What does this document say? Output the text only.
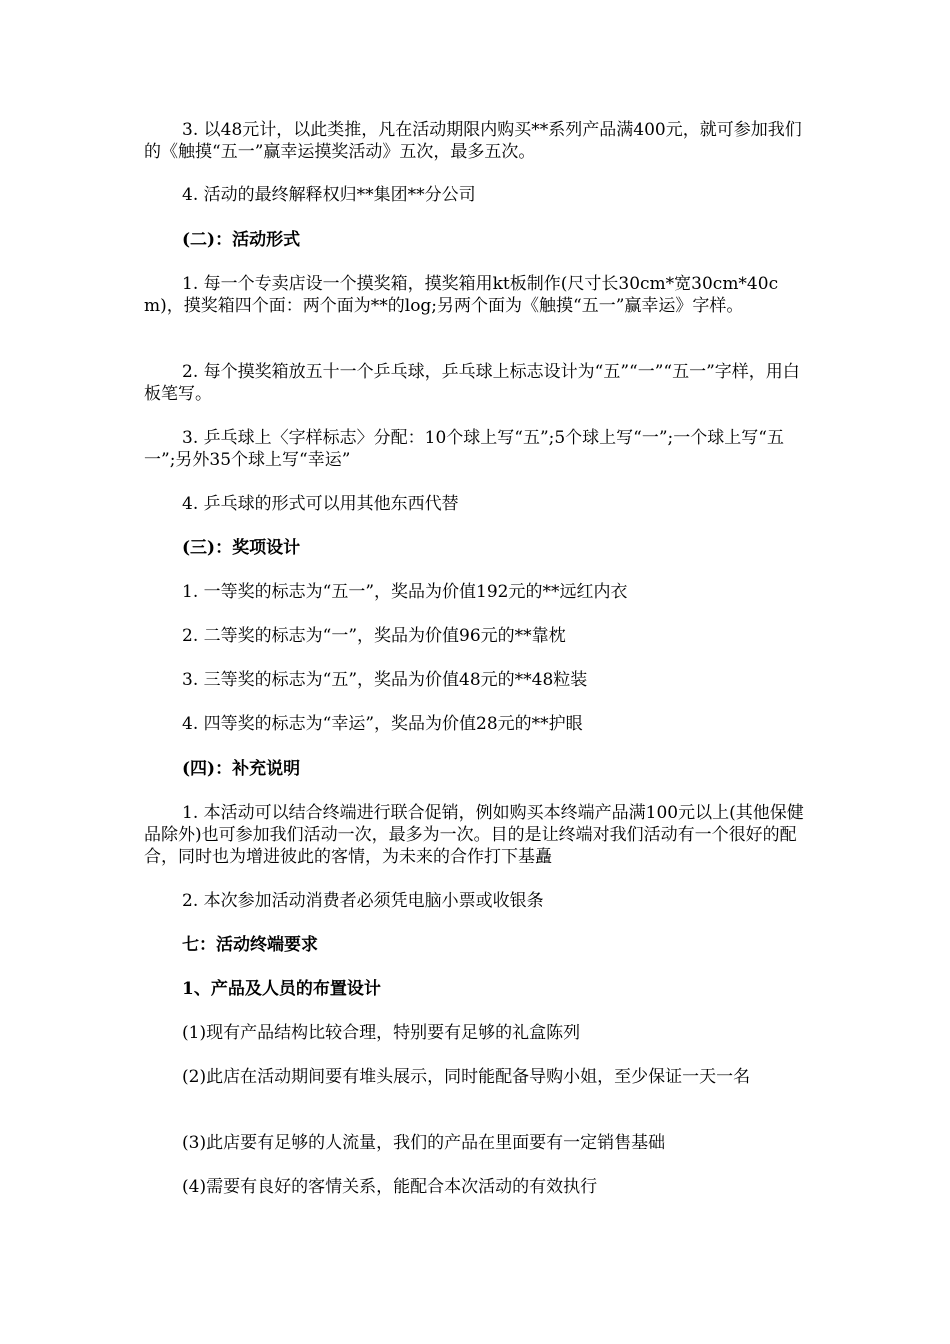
3. 以48元计，以此类推，凡在活动期限内购买**系列产品满400元，就可参加我们的《触摸“五一”赢幸运摸奖活动》五次，最多五次。

4. 活动的最终解释权归**集团**分公司

(二)：活动形式

1. 每一个专卖店设一个摸奖箱，摸奖箱用kt板制作(尺寸长30cm*宽30cm*40cm)，摸奖箱四个面：两个面为**的log;另两个面为《触摸“五一”赢幸运》字样。

2. 每个摸奖箱放五十一个乒乓球，乒乓球上标志设计为“五”“一”“五一”字样，用白板笔写。

3. 乒乓球上〈字样标志〉分配：10个球上写“五”;5个球上写“一”;一个球上写“五一”;另外35个球上写“幸运”

4. 乒乓球的形式可以用其他东西代替

(三)：奖项设计

1. 一等奖的标志为“五一”，奖品为价值192元的**远红内衣

2. 二等奖的标志为“一”，奖品为价值96元的**靠枕

3. 三等奖的标志为“五”，奖品为价值48元的**48粒装

4. 四等奖的标志为“幸运”，奖品为价值28元的**护眼

(四)：补充说明

1. 本活动可以结合终端进行联合促销，例如购买本终端产品满100元以上(其他保健品除外)也可参加我们活动一次，最多为一次。目的是让终端对我们活动有一个很好的配合，同时也为增进彼此的客情，为未来的合作打下基矗

2. 本次参加活动消费者必须凭电脑小票或收银条

七：活动终端要求

1、产品及人员的布置设计

(1)现有产品结构比较合理，特别要有足够的礼盒陈列

(2)此店在活动期间要有堆头展示，同时能配备导购小姐，至少保证一天一名

(3)此店要有足够的人流量，我们的产品在里面要有一定销售基础

(4)需要有良好的客情关系，能配合本次活动的有效执行
